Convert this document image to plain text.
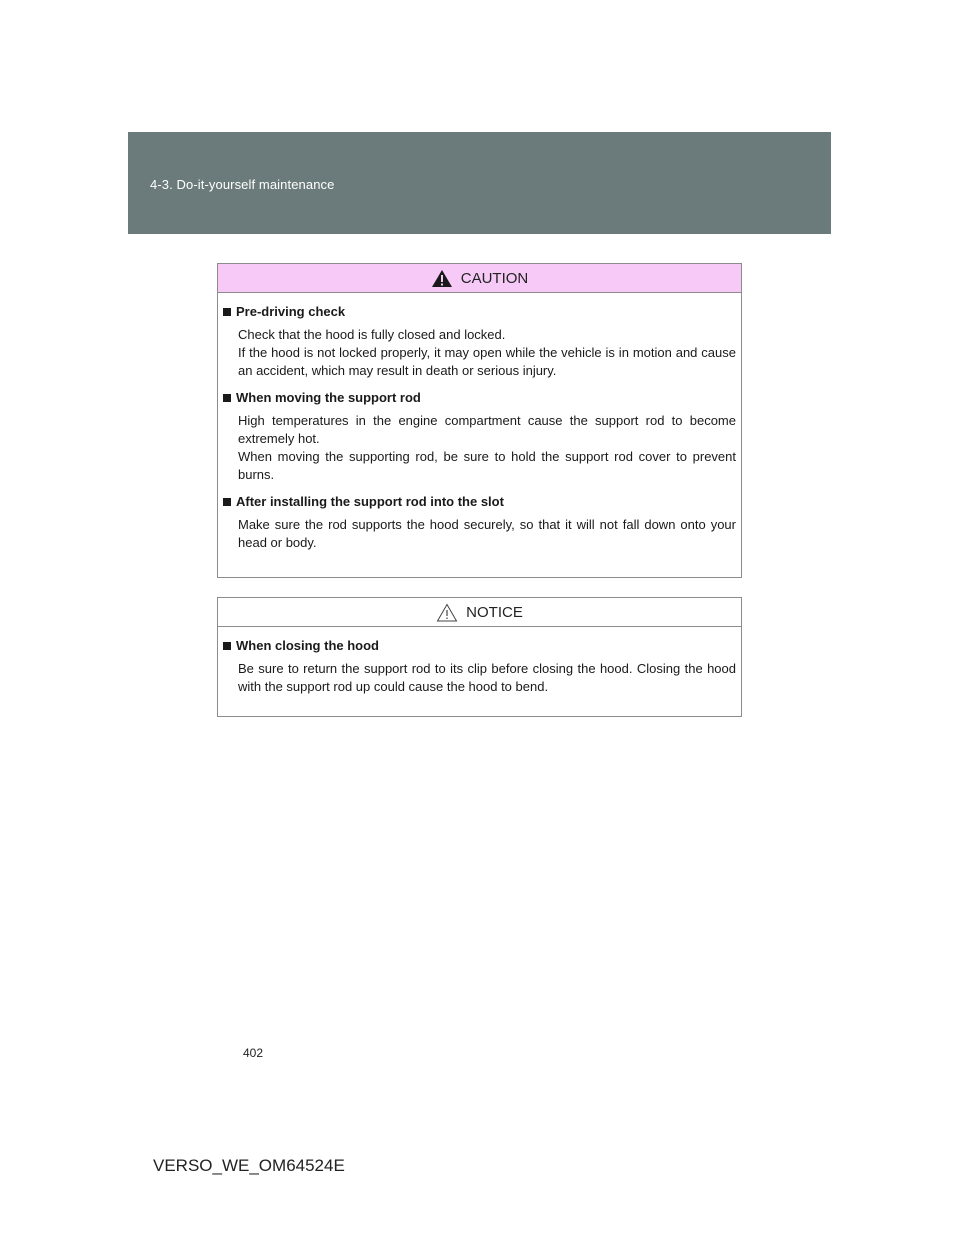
4-3. Do-it-yourself maintenance
CAUTION
Pre-driving check
Check that the hood is fully closed and locked.
If the hood is not locked properly, it may open while the vehicle is in motion and cause an accident, which may result in death or serious injury.
When moving the support rod
High temperatures in the engine compartment cause the support rod to become extremely hot.
When moving the supporting rod, be sure to hold the support rod cover to prevent burns.
After installing the support rod into the slot
Make sure the rod supports the hood securely, so that it will not fall down onto your head or body.
NOTICE
When closing the hood
Be sure to return the support rod to its clip before closing the hood. Closing the hood with the support rod up could cause the hood to bend.
402
VERSO_WE_OM64524E
